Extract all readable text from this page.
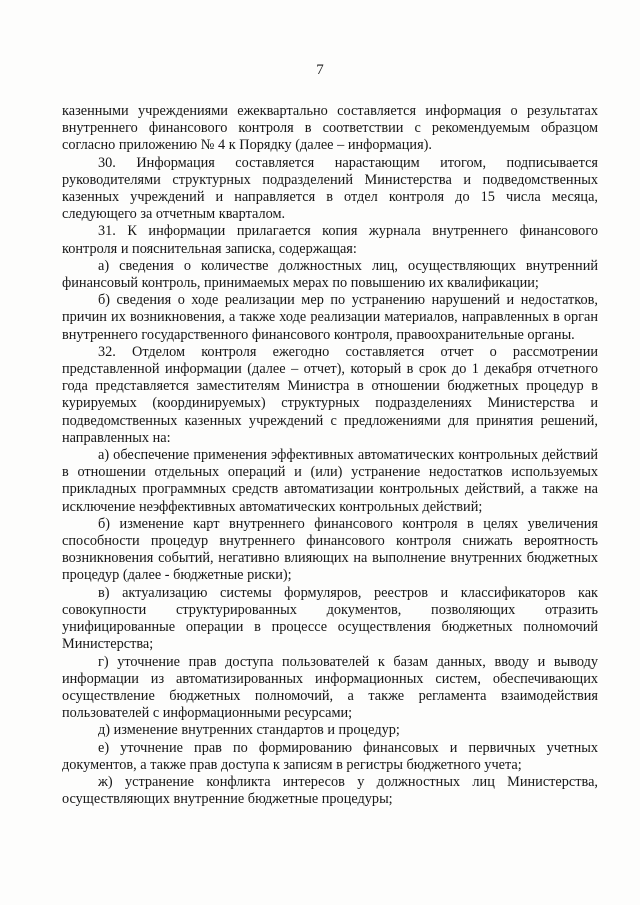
7

казенными учреждениями ежеквартально составляется информация о результатах внутреннего финансового контроля в соответствии с рекомендуемым образцом согласно приложению № 4 к Порядку (далее – информация).

30. Информация составляется нарастающим итогом, подписывается руководителями структурных подразделений Министерства и подведомственных казенных учреждений и направляется в отдел контроля до 15 числа месяца, следующего за отчетным кварталом.

31. К информации прилагается копия журнала внутреннего финансового контроля и пояснительная записка, содержащая:

а) сведения о количестве должностных лиц, осуществляющих внутренний финансовый контроль, принимаемых мерах по повышению их квалификации;

б) сведения о ходе реализации мер по устранению нарушений и недостатков, причин их возникновения, а также ходе реализации материалов, направленных в орган внутреннего государственного финансового контроля, правоохранительные органы.

32. Отделом контроля ежегодно составляется отчет о рассмотрении представленной информации (далее – отчет), который в срок до 1 декабря отчетного года представляется заместителям Министра в отношении бюджетных процедур в курируемых (координируемых) структурных подразделениях Министерства и подведомственных казенных учреждений с предложениями для принятия решений, направленных на:

а) обеспечение применения эффективных автоматических контрольных действий в отношении отдельных операций и (или) устранение недостатков используемых прикладных программных средств автоматизации контрольных действий, а также на исключение неэффективных автоматических контрольных действий;

б) изменение карт внутреннего финансового контроля в целях увеличения способности процедур внутреннего финансового контроля снижать вероятность возникновения событий, негативно влияющих на выполнение внутренних бюджетных процедур (далее - бюджетные риски);

в) актуализацию системы формуляров, реестров и классификаторов как совокупности структурированных документов, позволяющих отразить унифицированные операции в процессе осуществления бюджетных полномочий Министерства;

г) уточнение прав доступа пользователей к базам данных, вводу и выводу информации из автоматизированных информационных систем, обеспечивающих осуществление бюджетных полномочий, а также регламента взаимодействия пользователей с информационными ресурсами;

д) изменение внутренних стандартов и процедур;

е) уточнение прав по формированию финансовых и первичных учетных документов, а также прав доступа к записям в регистры бюджетного учета;

ж) устранение конфликта интересов у должностных лиц Министерства, осуществляющих внутренние бюджетные процедуры;
